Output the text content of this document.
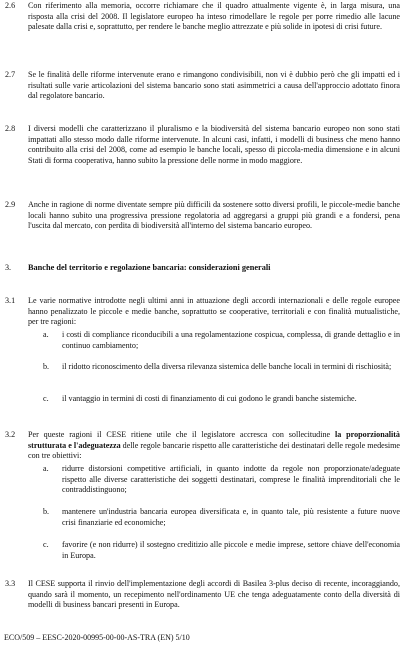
2.6 Con riferimento alla memoria, occorre richiamare che il quadro attualmente vigente è, in larga misura, una risposta alla crisi del 2008. Il legislatore europeo ha inteso rimodellare le regole per porre rimedio alle lacune palesate dalla crisi e, soprattutto, per rendere le banche meglio attrezzate e più solide in ipotesi di crisi future.
2.7 Se le finalità delle riforme intervenute erano e rimangono condivisibili, non vi è dubbio però che gli impatti ed i risultati sulle varie articolazioni del sistema bancario sono stati asimmetrici a causa dell'approccio adottato finora dal regolatore bancario.
2.8 I diversi modelli che caratterizzano il pluralismo e la biodiversità del sistema bancario europeo non sono stati impattati allo stesso modo dalle riforme intervenute. In alcuni casi, infatti, i modelli di business che meno hanno contribuito alla crisi del 2008, come ad esempio le banche locali, spesso di piccola-media dimensione e in alcuni Stati di forma cooperativa, hanno subito la pressione delle norme in modo maggiore.
2.9 Anche in ragione di norme diventate sempre più difficili da sostenere sotto diversi profili, le piccole-medie banche locali hanno subito una progressiva pressione regolatoria ad aggregarsi a gruppi più grandi e a fondersi, pena l'uscita dal mercato, con perdita di biodiversità all'interno del sistema bancario europeo.
3. Banche del territorio e regolazione bancaria: considerazioni generali
3.1 Le varie normative introdotte negli ultimi anni in attuazione degli accordi internazionali e delle regole europee hanno penalizzato le piccole e medie banche, soprattutto se cooperative, territoriali e con finalità mutualistiche, per tre ragioni:
a. i costi di compliance riconducibili a una regolamentazione cospicua, complessa, di grande dettaglio e in continuo cambiamento;
b. il ridotto riconoscimento della diversa rilevanza sistemica delle banche locali in termini di rischiosità;
c. il vantaggio in termini di costi di finanziamento di cui godono le grandi banche sistemiche.
3.2 Per queste ragioni il CESE ritiene utile che il legislatore accresca con sollecitudine la proporzionalità strutturata e l'adeguatezza delle regole bancarie rispetto alle caratteristiche dei destinatari delle regole medesime con tre obiettivi:
a. ridurre distorsioni competitive artificiali, in quanto indotte da regole non proporzionate/adeguate rispetto alle diverse caratteristiche dei soggetti destinatari, comprese le finalità imprenditoriali che le contraddistinguono;
b. mantenere un'industria bancaria europea diversificata e, in quanto tale, più resistente a future nuove crisi finanziarie ed economiche;
c. favorire (e non ridurre) il sostegno creditizio alle piccole e medie imprese, settore chiave dell'economia in Europa.
3.3 Il CESE supporta il rinvio dell'implementazione degli accordi di Basilea 3-plus deciso di recente, incoraggiando, quando sarà il momento, un recepimento nell'ordinamento UE che tenga adeguatamente conto della diversità di modelli di business bancari presenti in Europa.
ECO/509 – EESC-2020-00995-00-00-AS-TRA (EN) 5/10
